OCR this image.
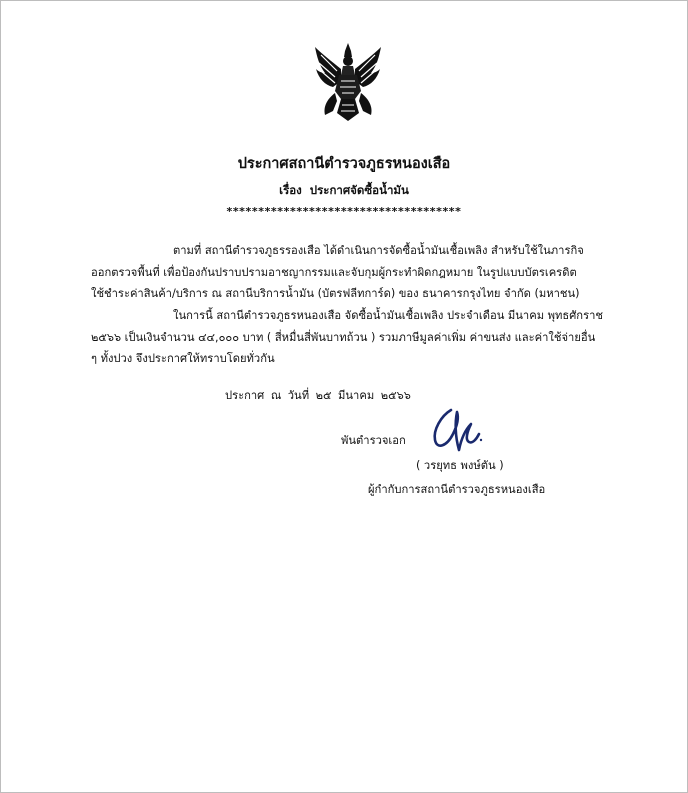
ประกาศสถานีตำรวจภูธรหนองเสือ
เรื่อง ประกาศจัดซื้อน้ำมัน
*************************************
ตามที่ สถานีตำรวจภูธรรองเสือ ได้ดำเนินการจัดซื้อน้ำมันเชื้อเพลิง สำหรับใช้ในภารกิจ
ออกตรวจพื้นที่ เพื่อป้องกันปราบปรามอาชญากรรมและจับกุมผู้กระทำผิดกฎหมาย ในรูปแบบบัตรเครดิต
ใช้ชำระค่าสินค้า/บริการ ณ สถานีบริการน้ำมัน (บัตรฟลีทการ์ด) ของ ธนาคารกรุงไทย จำกัด (มหาชน)
ในการนี้ สถานีตำรวจภูธรหนองเสือ จัดซื้อน้ำมันเชื้อเพลิง ประจำเดือน มีนาคม พุทธศักราช
๒๕๖๖ เป็นเงินจำนวน ๔๔,๐๐๐ บาท ( สี่หมื่นสี่พันบาทถ้วน ) รวมภาษีมูลค่าเพิ่ม ค่าขนส่ง และค่าใช้จ่ายอื่น
ๆ ทั้งปวง จึงประกาศให้ทราบโดยทั่วกัน
ประกาศ ณ วันที่ ๒๕ มีนาคม ๒๕๖๖
พันตำรวจเอก
( วรยุทธ พงษ์ตัน )
ผู้กำกับการสถานีตำรวจภูธรหนองเสือ
